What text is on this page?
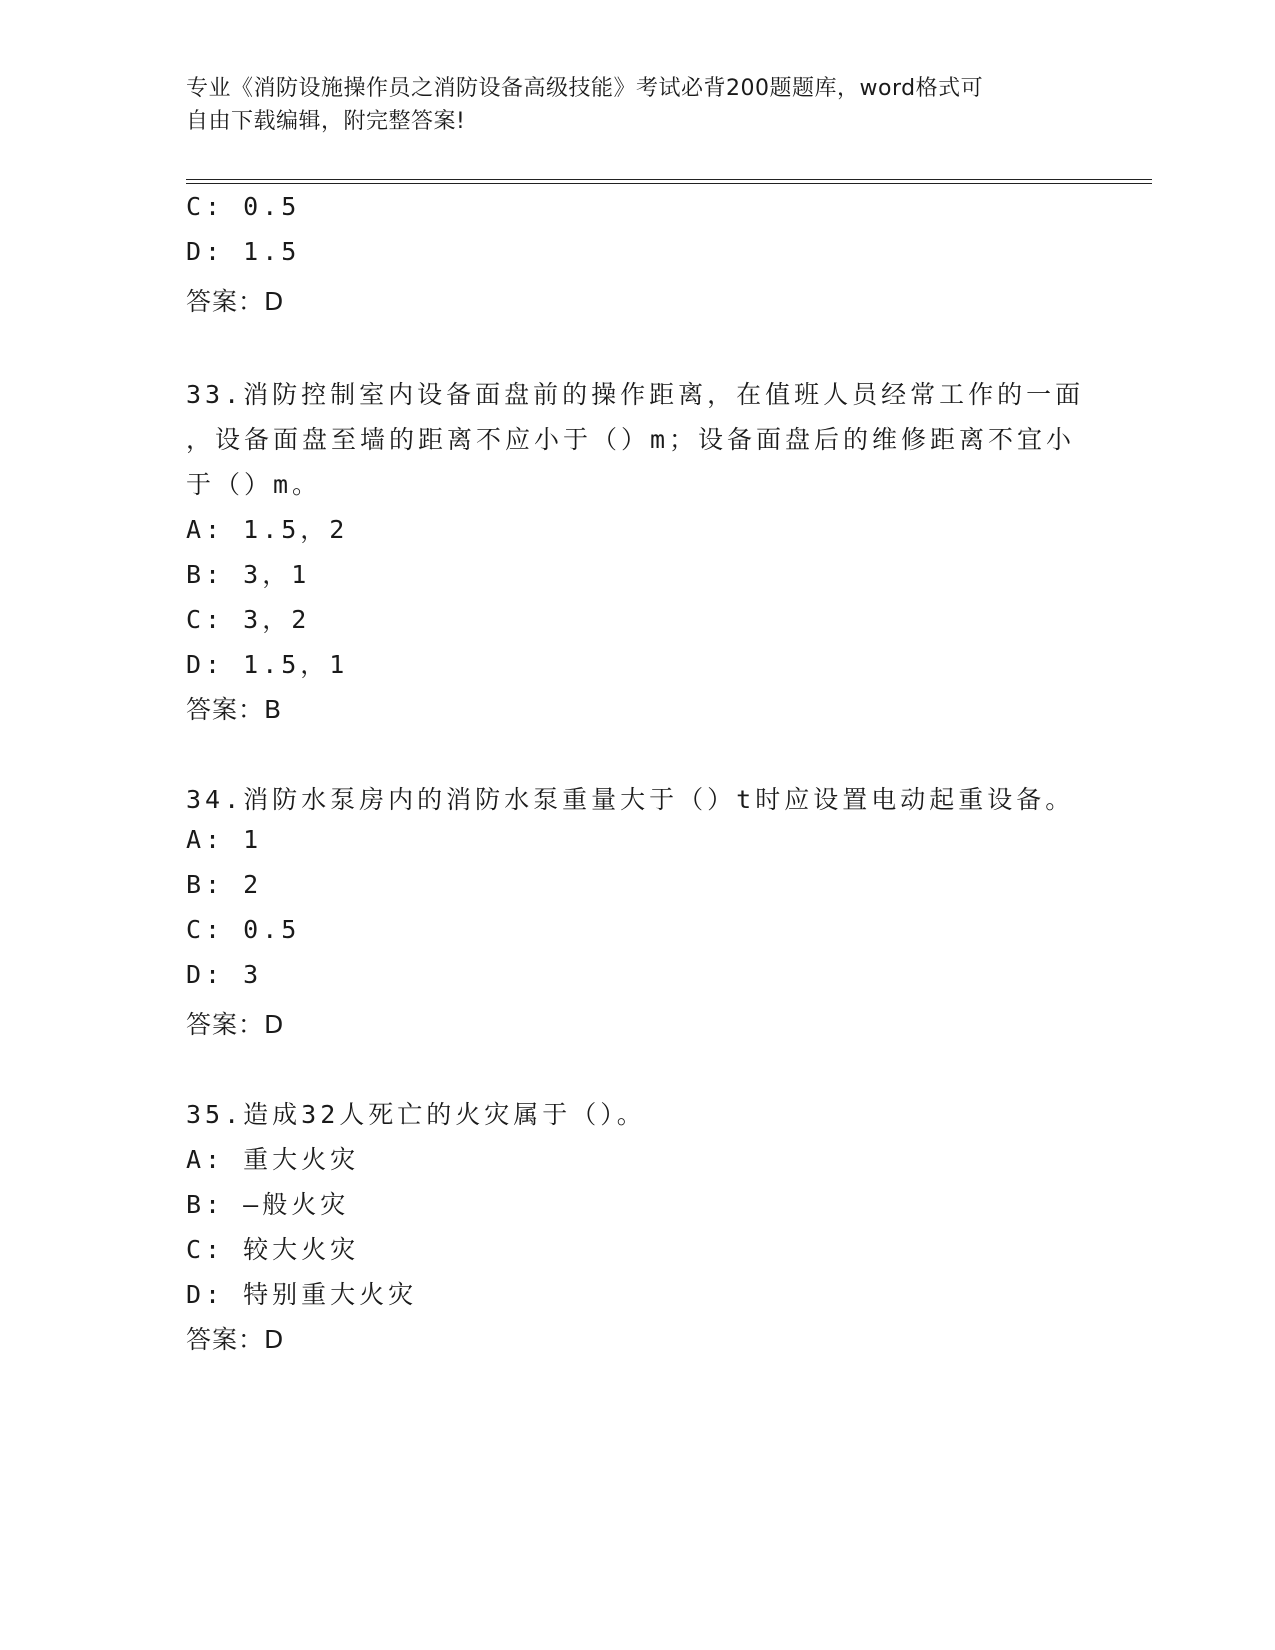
专业《消防设施操作员之消防设备高级技能》考试必背200题题库，word格式可
自由下载编辑，附完整答案!
C: 0.5
D: 1.5
答案：D
33.消防控制室内设备面盘前的操作距离，在值班人员经常工作的一面
，设备面盘至墙的距离不应小于（）m；设备面盘后的维修距离不宜小
于（）m。
A: 1.5，2
B: 3，1
C: 3，2
D: 1.5，1
答案：B
34.消防水泵房内的消防水泵重量大于（）t时应设置电动起重设备。
A: 1
B: 2
C: 0.5
D: 3
答案：D
35.造成32人死亡的火灾属于（）。
A: 重大火灾
B: —般火灾
C: 较大火灾
D: 特别重大火灾
答案：D
